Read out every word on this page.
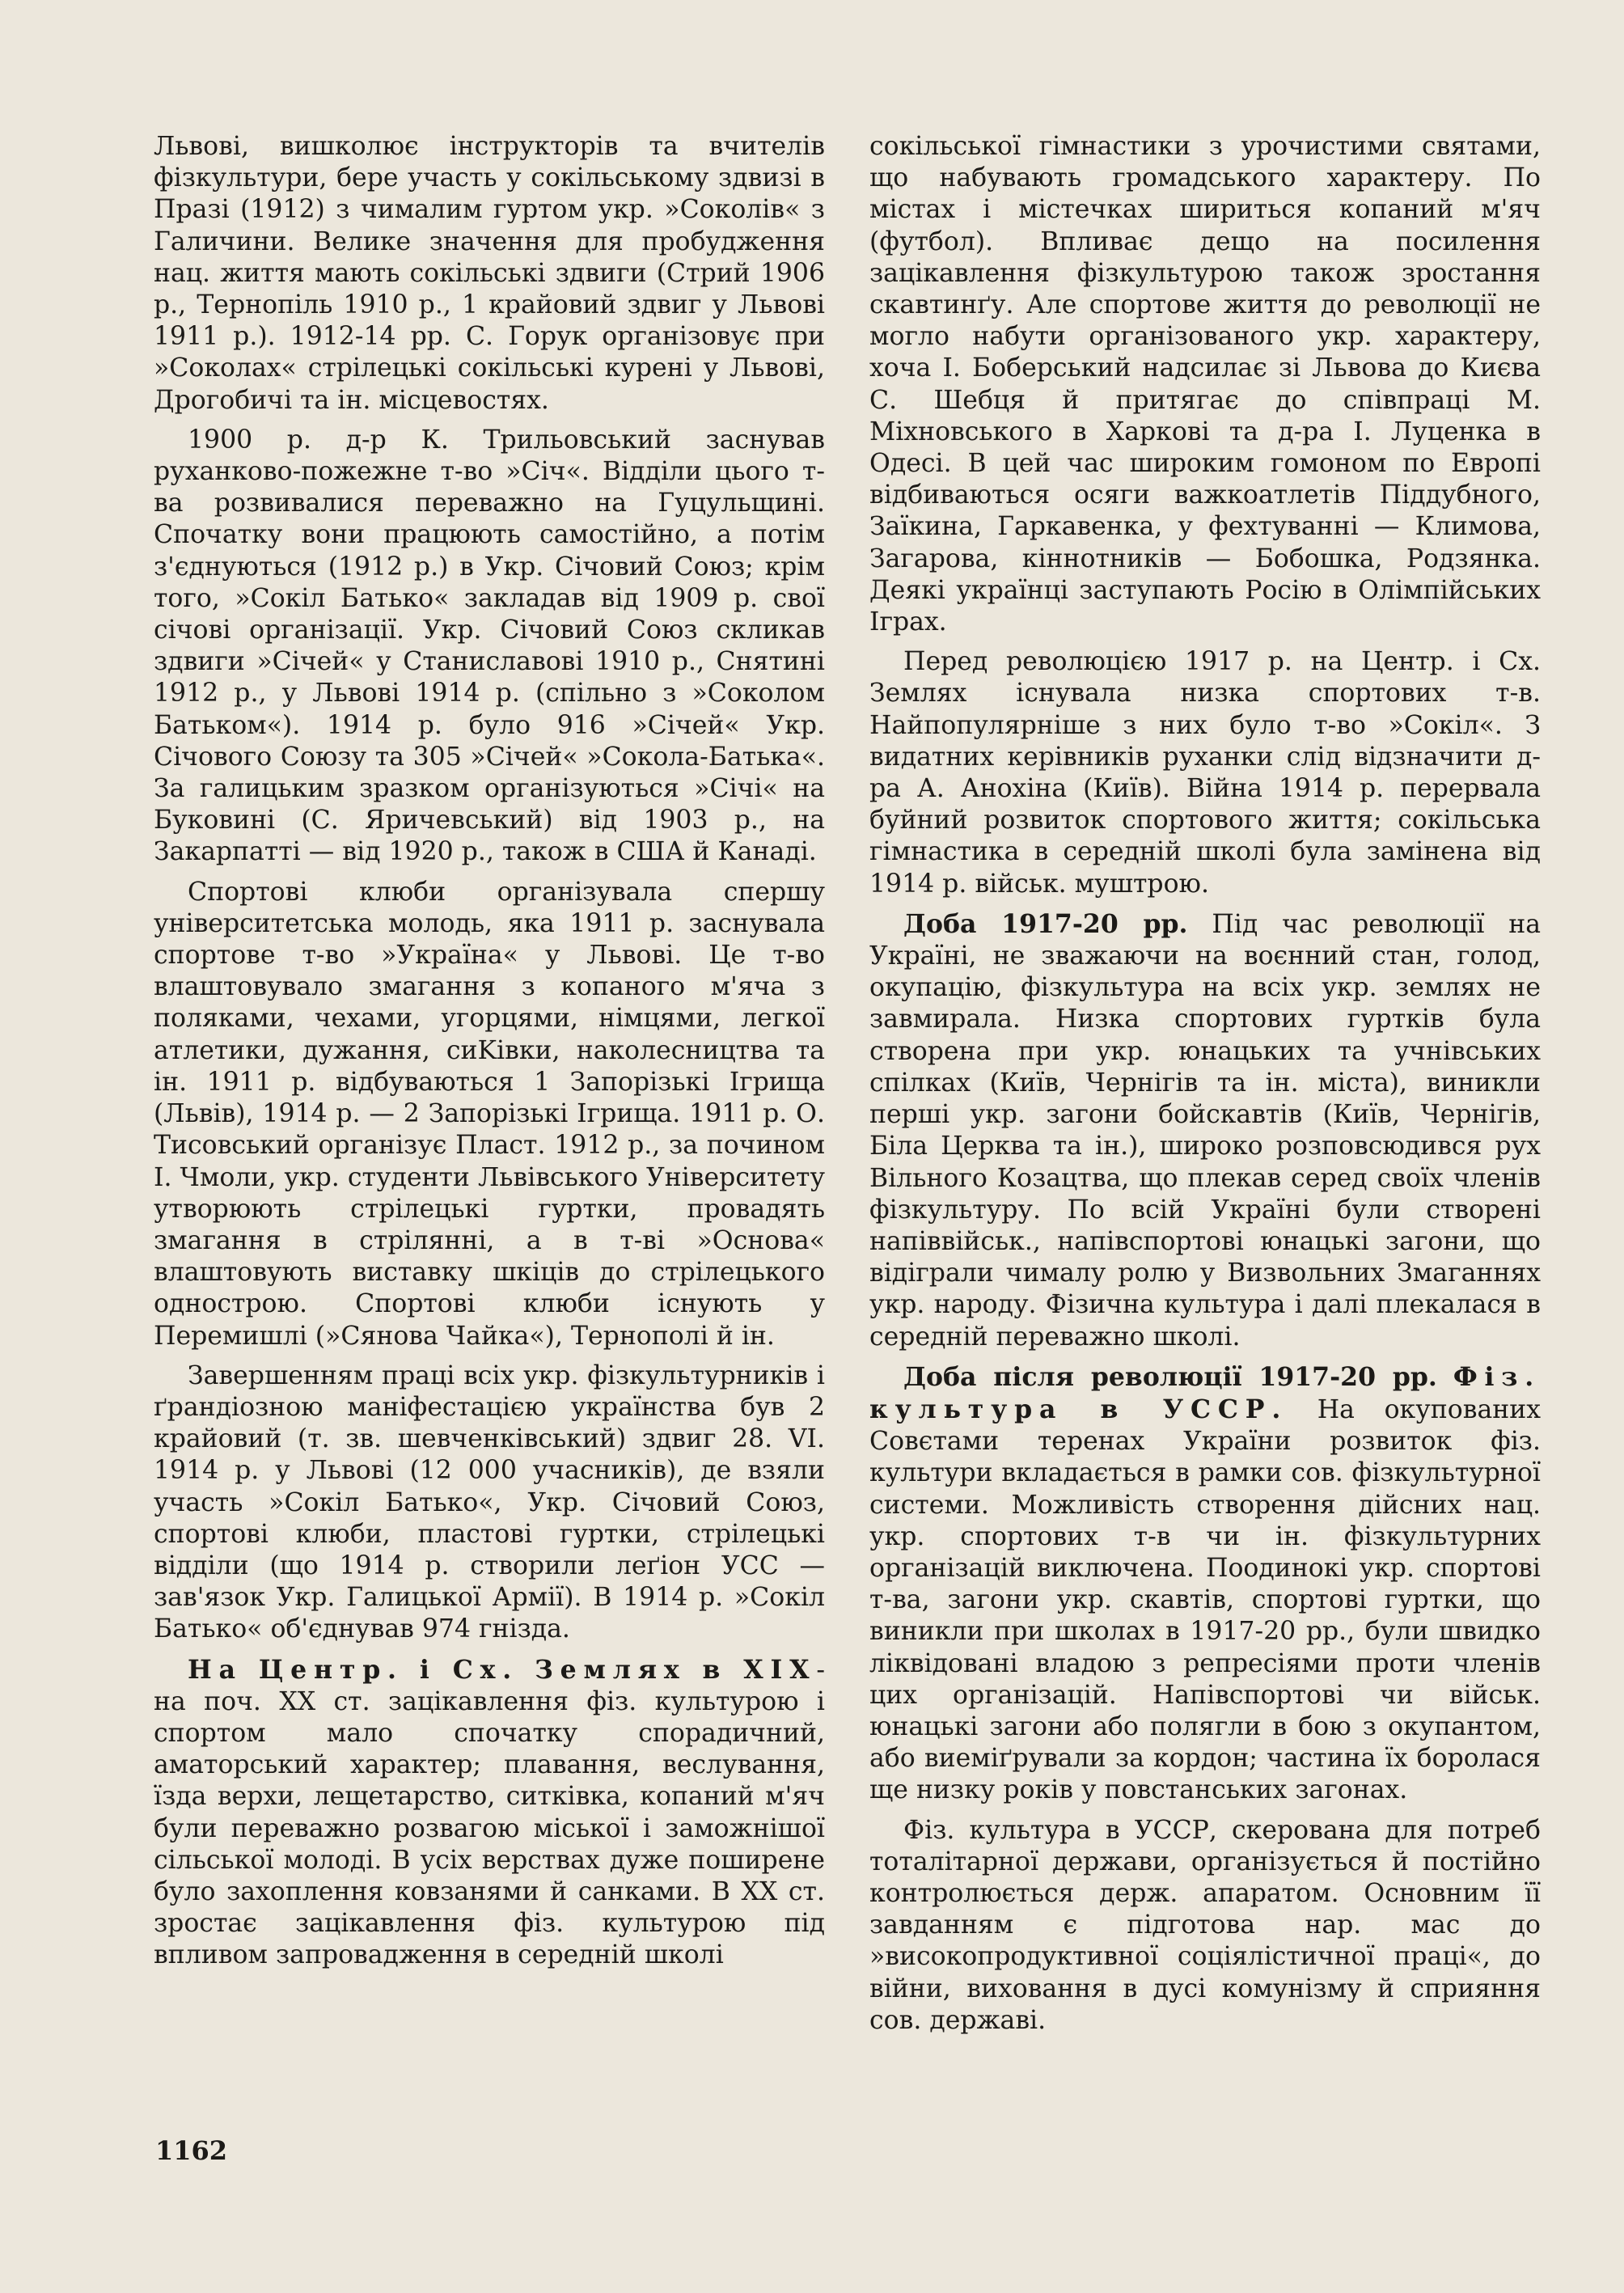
Львові, вишколює інструкторів та вчителів фізкультури, бере участь у сокільському здвизі в Празі (1912) з чималим гуртом укр. »Соколів« з Галичини. Велике значення для пробудження нац. життя мають сокільські здвиги (Стрий 1906 р., Тернопіль 1910 р., 1 крайовий здвиг у Львові 1911 р.). 1912-14 рр. С. Горук організовує при »Соколах« стрілецькі сокільські курені у Львові, Дрогобичі та ін. місцевостях.

1900 р. д-р К. Трильовський заснував руханково-пожежне т-во »Січ«. Відділи цього т-ва розвивалися переважно на Гуцульщині. Спочатку вони працюють самостійно, а потім з'єднуються (1912 р.) в Укр. Січовий Союз; крім того, »Сокіл Батько« закладав від 1909 р. свої січові організації. Укр. Січовий Союз скликав здвиги »Січей« у Станиславові 1910 р., Снятині 1912 р., у Львові 1914 р. (спільно з »Соколом Батьком«). 1914 р. було 916 »Січей« Укр. Січового Союзу та 305 »Січей« »Сокола-Батька«. За галицьким зразком організуються »Січі« на Буковині (С. Яричевський) від 1903 р., на Закарпатті — від 1920 р., також в США й Канаді.

Спортові клюби організувала спершу університетська молодь, яка 1911 р. заснувала спортове т-во »Україна« у Львові. Це т-во влаштовувало змагання з копаного м'яча з поляками, чехами, угорцями, німцями, легкої атлетики, дужання, сиKівки, наколесництва та ін. 1911 р. відбуваються 1 Запорізькі Ігрища (Львів), 1914 р. — 2 Запорізькі Ігрища. 1911 р. О. Тисовський організує Пласт. 1912 р., за почином І. Чмоли, укр. студенти Львівського Університету утворюють стрілецькі гуртки, провадять змагання в стрілянні, а в т-ві »Основа« влаштовують виставку шкіців до стрілецького однострою. Спортові клюби існують у Перемишлі (»Сянова Чайка«), Тернополі й ін.

Завершенням праці всіх укр. фізкультурників і ґрандіозною маніфестацією українства був 2 крайовий (т. зв. шевченківський) здвиг 28. VI. 1914 р. у Львові (12 000 учасників), де взяли участь »Сокіл Батько«, Укр. Січовий Союз, спортові клюби, пластові гуртки, стрілецькі відділи (що 1914 р. створили леґіон УСС — зав'язок Укр. Галицької Армії). В 1914 р. »Сокіл Батько« об'єднував 974 гнізда.

На Центр. і Сх. Землях в XIX- на поч. XX ст. зацікавлення фіз. культурою і спортом мало спочатку спорадичний, аматорський характер; плавання, веслування, їзда верхи, лещетарство, ситківка, копаний м'яч були переважно розвагою міської і заможнішої сільської молоді. В усіх верствах дуже поширене було захоплення ковзанями й санками. В XX ст. зростає зацікавлення фіз. культурою під впливом запровадження в середній школі

сокільської гімнастики з урочистими святами, що набувають громадського характеру. По містах і містечках шириться копаний м'яч (футбол). Впливає дещо на посилення зацікавлення фізкультурою також зростання скавтинґу. Але спортове життя до революції не могло набути організованого укр. характеру, хоча І. Боберський надсилає зі Львова до Києва С. Шебця й притягає до співпраці М. Міхновського в Харкові та д-ра І. Луценка в Одесі. В цей час широким гомоном по Европі відбиваються осяги важкоатлетів Піддубного, Заїкина, Гаркавенка, у фехтуванні — Климова, Загарова, кіннотників — Бобошка, Родзянка. Деякі українці заступають Росію в Олімпійських Іграх.

Перед революцією 1917 р. на Центр. і Сх. Землях існувала низка спортових т-в. Найпопулярніше з них було т-во »Сокіл«. З видатних керівників руханки слід відзначити д-ра А. Анохіна (Київ). Війна 1914 р. перервала буйний розвиток спортового життя; сокільська гімнастика в середній школі була замінена від 1914 р. військ. муштрою.

Доба 1917-20 рр. Під час революції на Україні, не зважаючи на воєнний стан, голод, окупацію, фізкультура на всіх укр. землях не завмирала. Низка спортових гуртків була створена при укр. юнацьких та учнівських спілках (Київ, Чернігів та ін. міста), виникли перші укр. загони бойскавтів (Київ, Чернігів, Біла Церква та ін.), широко розповсюдився рух Вільного Козацтва, що плекав серед своїх членів фізкультуру. По всій Україні були створені напіввійськ., напівспортові юнацькі загони, що відіграли чималу ролю у Визвольних Змаганнях укр. народу. Фізична культура і далі плекалася в середній переважно школі.

Доба після революції 1917-20 рр. Фіз. культура в УССР. На окупованих Совєтами теренах України розвиток фіз. культури вкладається в рамки сов. фізкультурної системи. Можливість створення дійсних нац. укр. спортових т-в чи ін. фізкультурних організацій виключена. Поодинокі укр. спортові т-ва, загони укр. скавтів, спортові гуртки, що виникли при школах в 1917-20 рр., були швидко ліквідовані владою з репресіями проти членів цих організацій. Напівспортові чи військ. юнацькі загони або полягли в бою з окупантом, або виеміґрували за кордон; частина їх боролася ще низку років у повстанських загонах.

Фіз. культура в УССР, скерована для потреб тоталітарної держави, організується й постійно контролюється держ. апаратом. Основним її завданням є підготова нар. мас до »високопродуктивної соціялістичної праці«, до війни, виховання в дусі комунізму й сприяння сов. державі.

1162
